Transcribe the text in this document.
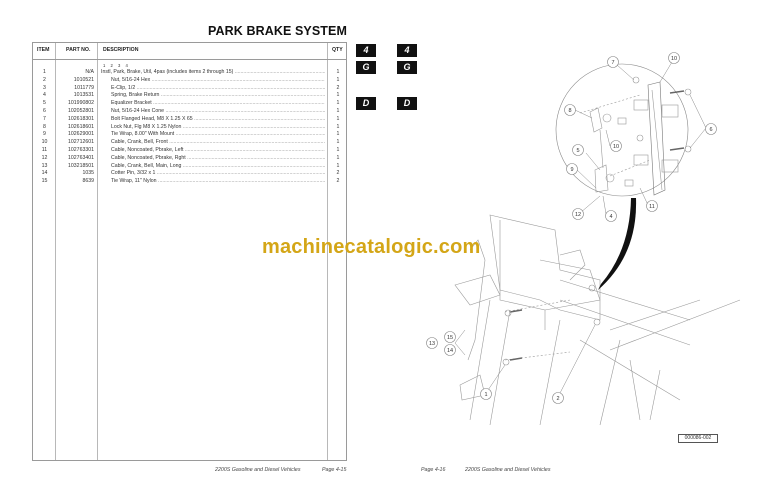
PARK BRAKE SYSTEM
ITEM	PART NO. DESCRIPTION	QTY
1 2 3 4
1	N/A Instl, Park, Brake, Util, 4pas (includes items 2 through 15) .....	1
2	1010521	Nut, 5/16-24 Hex .....	1
3	1011779	E-Clip, 1/2 .....	2
4	1013531	Spring, Brake Return .....	1
5	101990802	Equalizer Bracket .....	1
6	102052801	Nut, 5/16-24 Hex Cone .....	1
7	102618301	Bolt Flanged Head, M8 X 1.25 X 65 .....	1
8	102618601	Lock Nut, Flg M8 X 1.25 Nylon .....	1
9	102629001	Tie Wrap, 8.00" With Mount .....	1
10	102712601	Cable, Crank, Bell, Front .....	1
11	102763301	Cable, Noncoated, Pbrake, Left .....	1
12	102763401	Cable, Noncoated, Pbrake, Rght .....	1
13	103218501	Cable, Crank, Bell, Main, Long .....	1
14	1035	Cotter Pin, 3/32 x 1 .....	2
15	8639	Tie Wrap, 11" Nylon .....	2
4
G
D
4
G
D
7
10
8
6
10
5
9
11
12	4
15
13
14
1
2
machinecatalogic.com
000086-002
2200S Gasoline and Diesel Vehicles	Page 4-15	Page 4-16	2200S Gasoline and Diesel Vehicles
